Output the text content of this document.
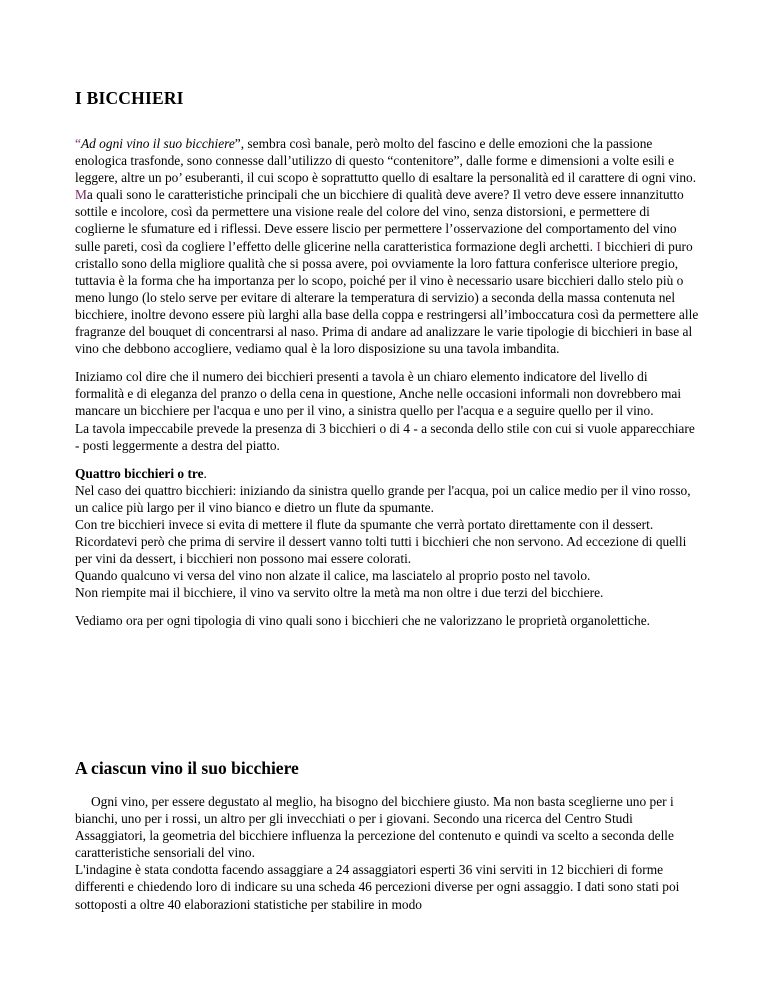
I BICCHIERI

“Ad ogni vino il suo bicchiere”, sembra così banale, però molto del fascino e delle emozioni che la passione enologica trasfonde, sono connesse dall’utilizzo di questo “contenitore”, dalle forme e dimensioni a volte esili e leggere, altre un po’ esuberanti, il cui scopo è soprattutto quello di esaltare la personalità ed il carattere di ogni vino. Ma quali sono le caratteristiche principali che un bicchiere di qualità deve avere? Il vetro deve essere innanzitutto sottile e incolore, così da permettere una visione reale del colore del vino, senza distorsioni, e permettere di coglierne le sfumature ed i riflessi. Deve essere liscio per permettere l’osservazione del comportamento del vino sulle pareti, così da cogliere l’effetto delle glicerine nella caratteristica formazione degli archetti. I bicchieri di puro cristallo sono della migliore qualità che si possa avere, poi ovviamente la loro fattura conferisce ulteriore pregio, tuttavia è la forma che ha importanza per lo scopo, poiché per il vino è necessario usare bicchieri dallo stelo più o meno lungo (lo stelo serve per evitare di alterare la temperatura di servizio) a seconda della massa contenuta nel bicchiere, inoltre devono essere più larghi alla base della coppa e restringersi all’imboccatura così da permettere alle fragranze del bouquet di concentrarsi al naso. Prima di andare ad analizzare le varie tipologie di bicchieri in base al vino che debbono accogliere, vediamo qual è la loro disposizione su una tavola imbandita.

Iniziamo col dire che il numero dei bicchieri presenti a tavola è un chiaro elemento indicatore del livello di formalità e di eleganza del pranzo o della cena in questione, Anche nelle occasioni informali non dovrebbero mai mancare un bicchiere per l'acqua e uno per il vino, a sinistra quello per l'acqua e a seguire quello per il vino.
La tavola impeccabile prevede la presenza di 3 bicchieri o di 4 - a seconda dello stile con cui si vuole apparecchiare - posti leggermente a destra del piatto.

Quattro bicchieri o tre.
Nel caso dei quattro bicchieri: iniziando da sinistra quello grande per l'acqua, poi un calice medio per il vino rosso, un calice più largo per il vino bianco e dietro un flute da spumante.
Con tre bicchieri invece si evita di mettere il flute da spumante che verrà portato direttamente con il dessert.
Ricordatevi però che prima di servire il dessert vanno tolti tutti i bicchieri che non servono. Ad eccezione di quelli per vini da dessert, i bicchieri non possono mai essere colorati.
Quando qualcuno vi versa del vino non alzate il calice, ma lasciatelo al proprio posto nel tavolo.
Non riempite mai il bicchiere, il vino va servito oltre la metà ma non oltre i due terzi del bicchiere.

Vediamo ora per ogni tipologia di vino quali sono i bicchieri che ne valorizzano le proprietà organolettiche.

A ciascun vino il suo bicchiere

Ogni vino, per essere degustato al meglio, ha bisogno del bicchiere giusto. Ma non basta sceglierne uno per i bianchi, uno per i rossi, un altro per gli invecchiati o per i giovani. Secondo una ricerca del Centro Studi Assaggiatori, la geometria del bicchiere influenza la percezione del contenuto e quindi va scelto a seconda delle caratteristiche sensoriali del vino.
L'indagine è stata condotta facendo assaggiare a 24 assaggiatori esperti 36 vini serviti in 12 bicchieri di forme differenti e chiedendo loro di indicare su una scheda 46 percezioni diverse per ogni assaggio. I dati sono stati poi sottoposti a oltre 40 elaborazioni statistiche per stabilire in modo
